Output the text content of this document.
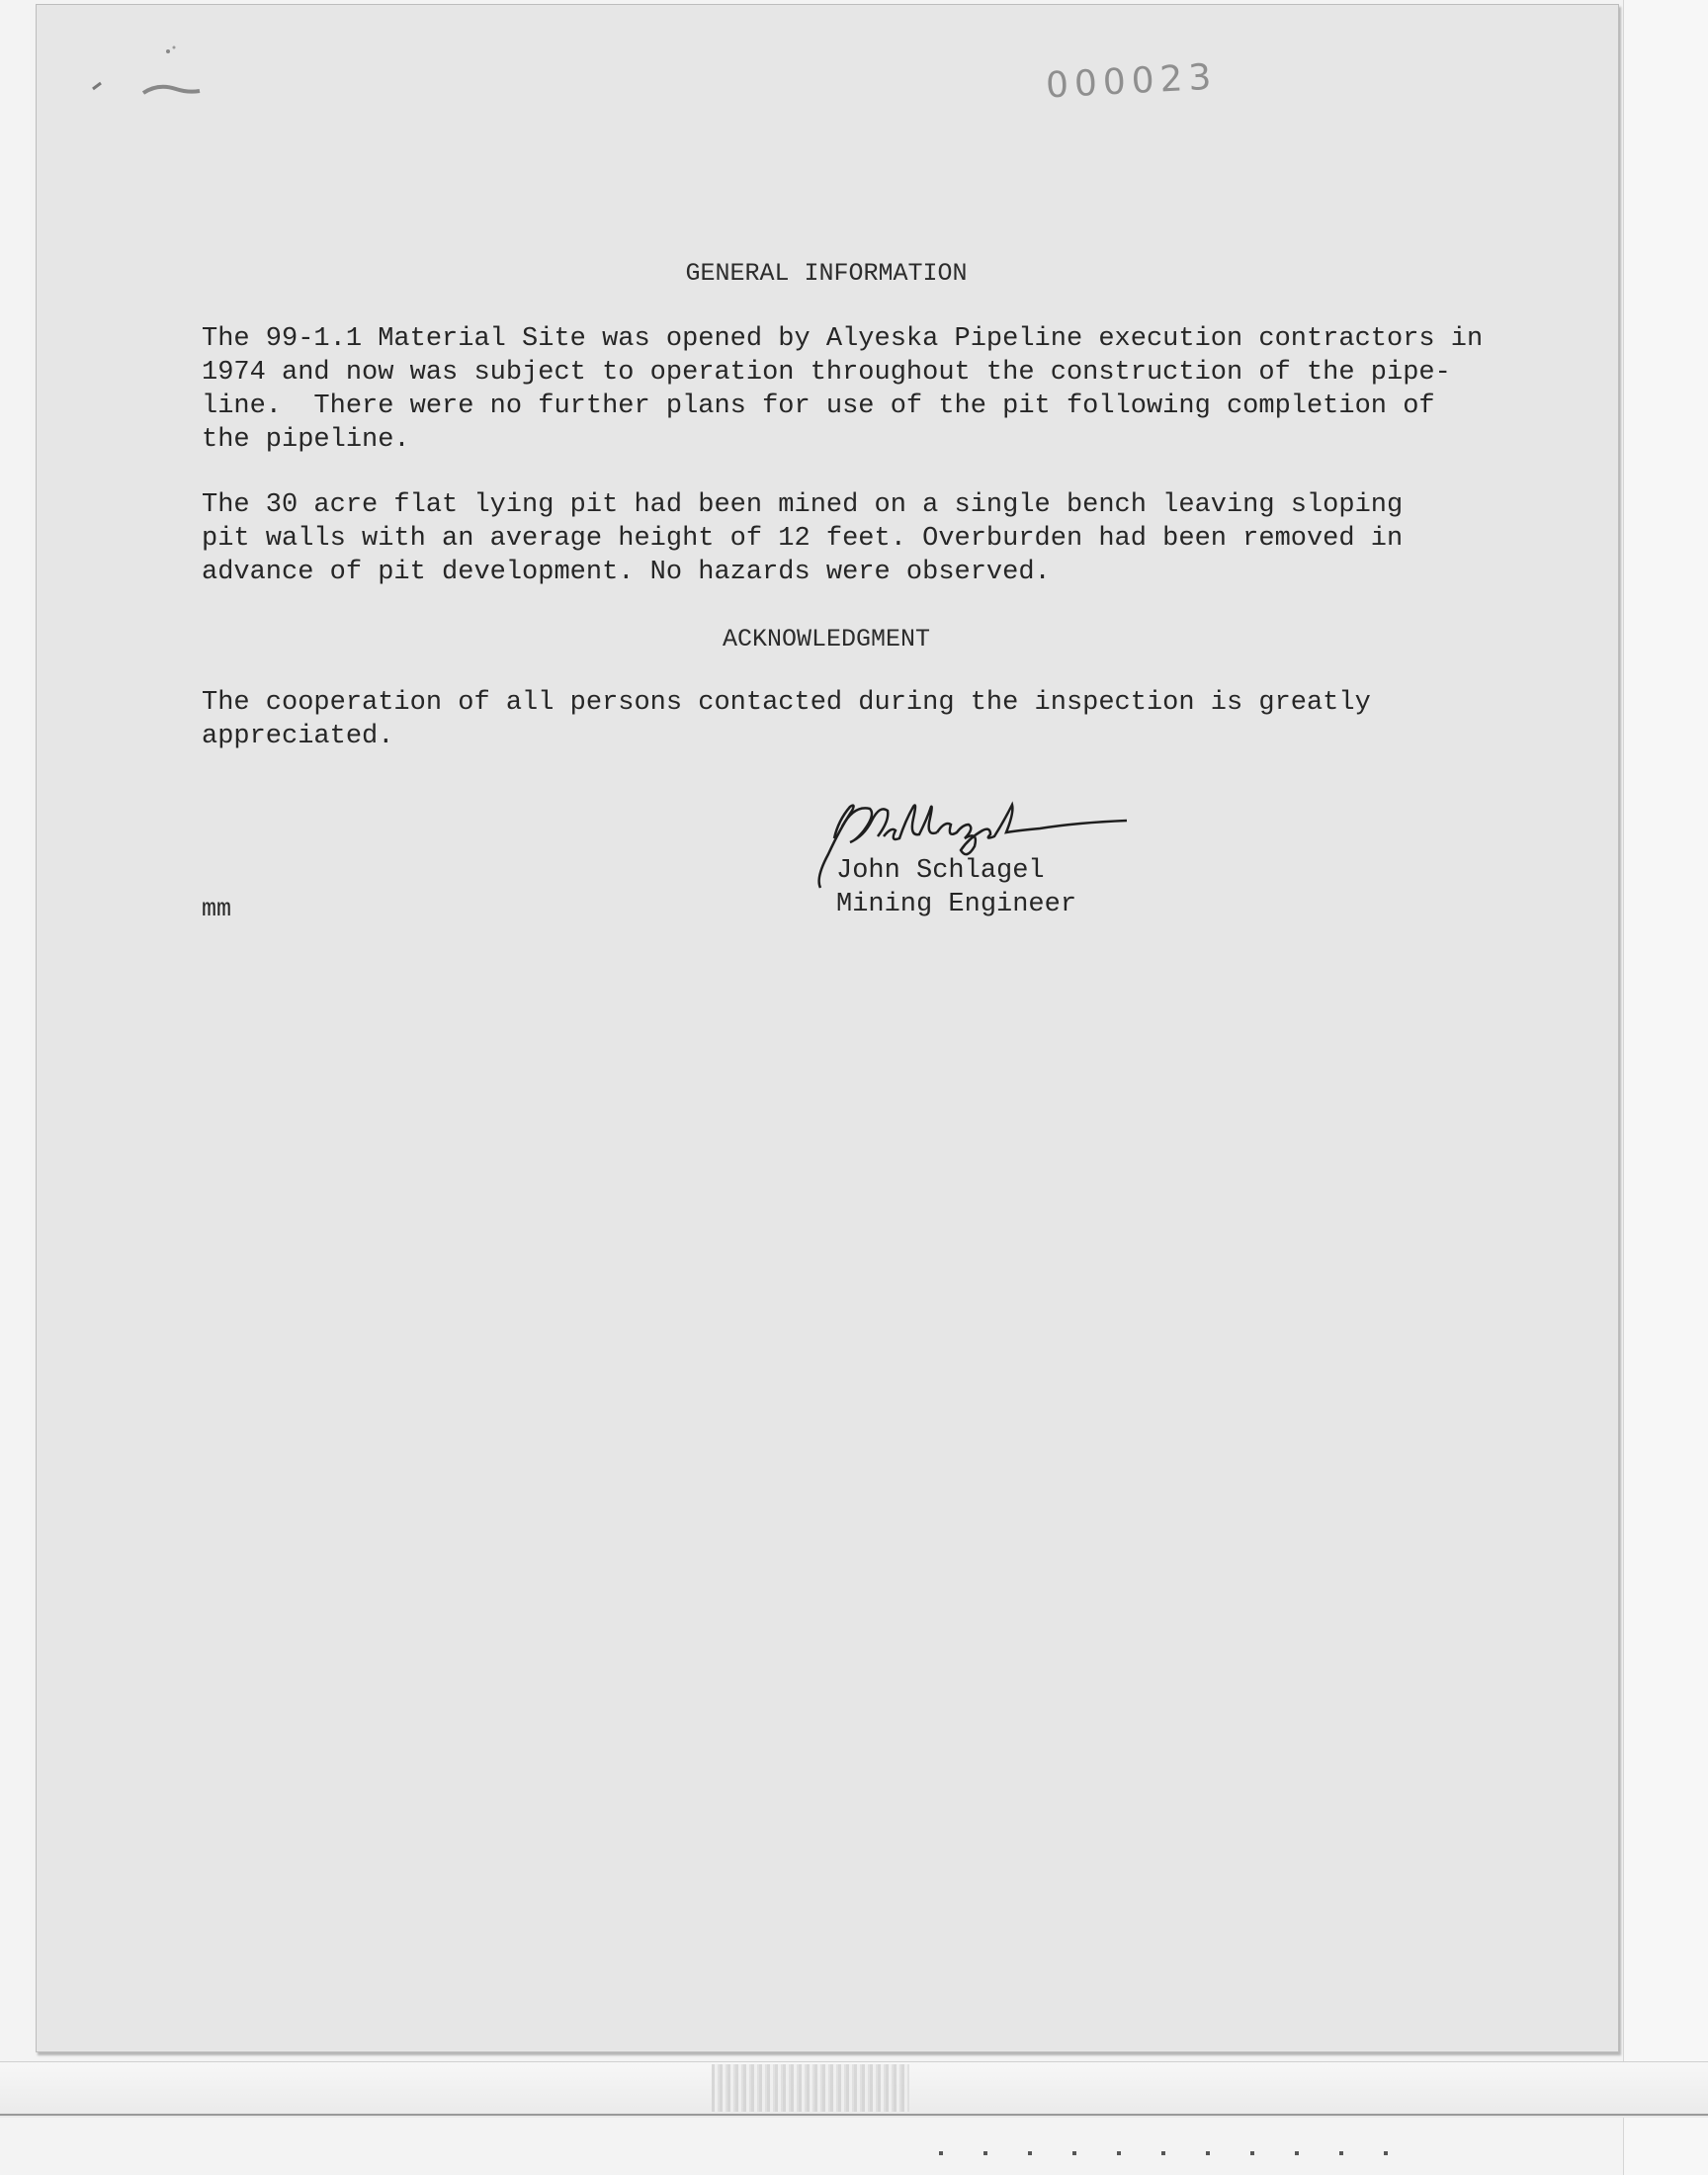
000023
GENERAL INFORMATION

The 99-1.1 Material Site was opened by Alyeska Pipeline execution contractors in
1974 and now was subject to operation throughout the construction of the pipe-
line.  There were no further plans for use of the pit following completion of
the pipeline.

The 30 acre flat lying pit had been mined on a single bench leaving sloping
pit walls with an average height of 12 feet. Overburden had been removed in
advance of pit development. No hazards were observed.

ACKNOWLEDGMENT

The cooperation of all persons contacted during the inspection is greatly
appreciated.

John Schlagel
Mining Engineer
mm
